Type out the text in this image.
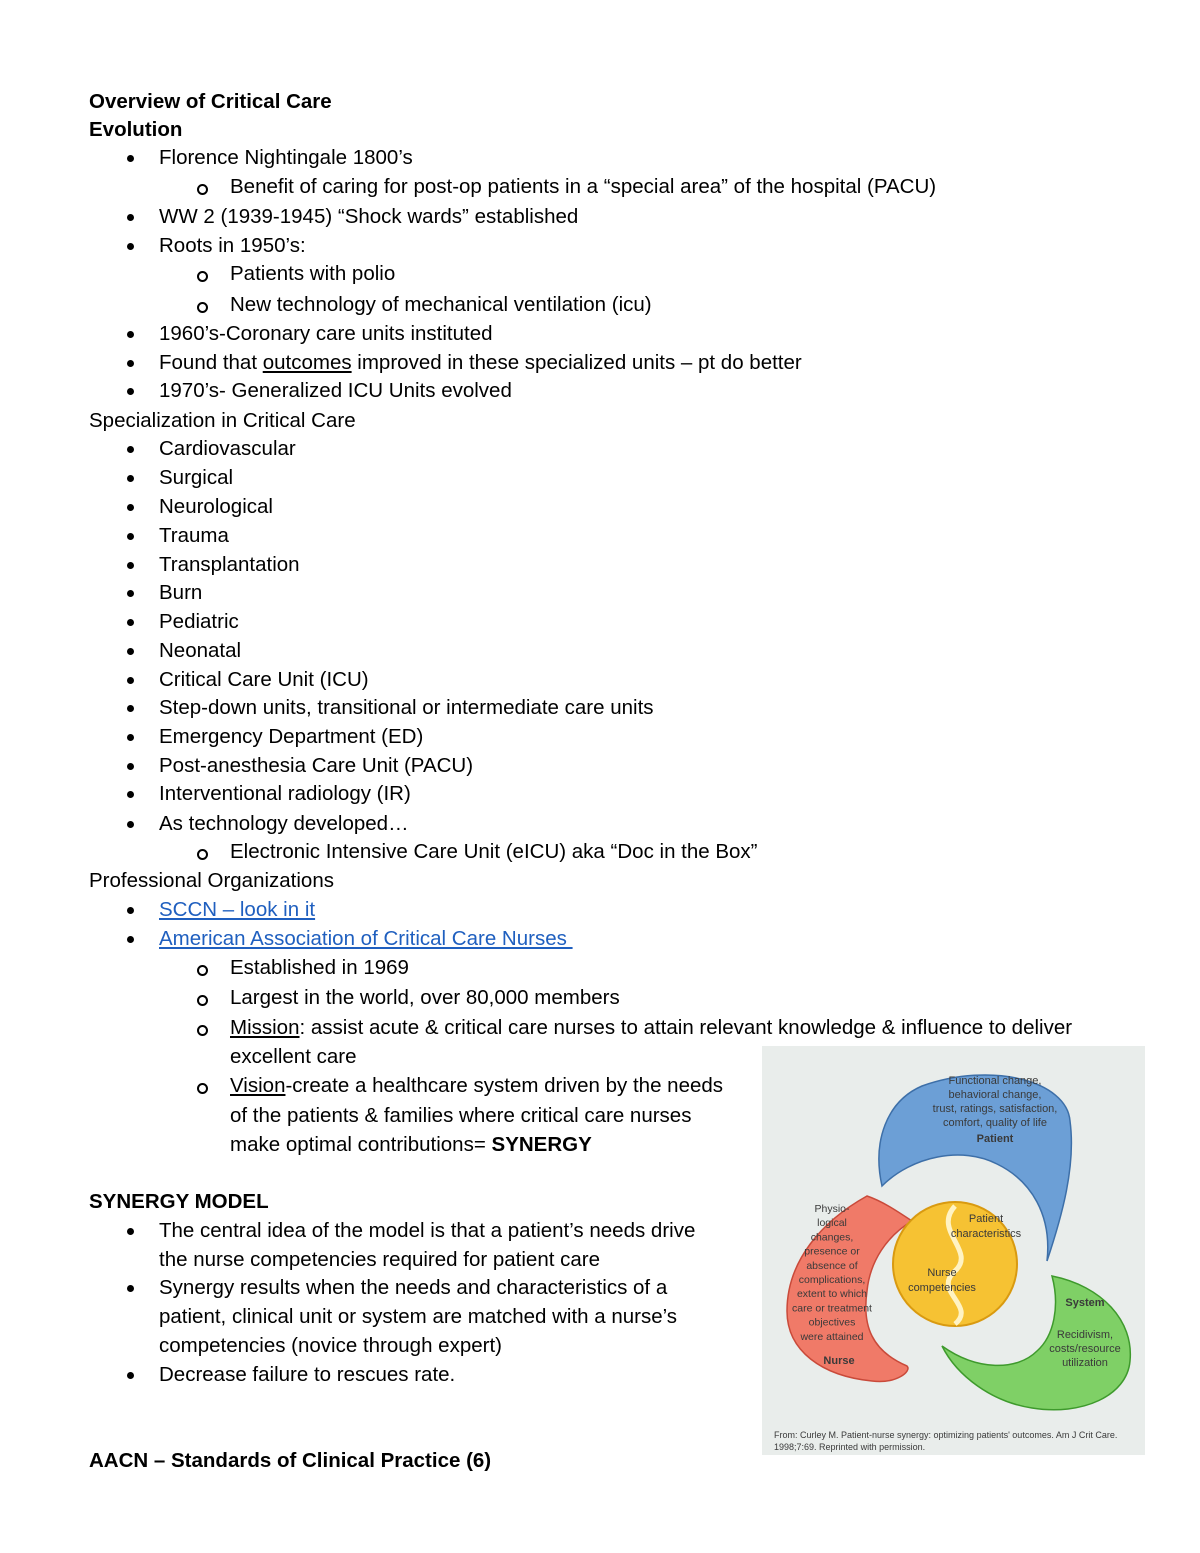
Overview of Critical Care
Evolution
Florence Nightingale 1800’s
Benefit of caring for post-op patients in a “special area” of the hospital (PACU)
WW 2 (1939-1945) “Shock wards” established
Roots in 1950’s:
Patients with polio
New technology of mechanical ventilation (icu)
1960’s-Coronary care units instituted
Found that outcomes improved in these specialized units – pt do better
1970’s- Generalized ICU Units evolved
Specialization in Critical Care
Cardiovascular
Surgical
Neurological
Trauma
Transplantation
Burn
Pediatric
Neonatal
Critical Care Unit (ICU)
Step-down units, transitional or intermediate care units
Emergency Department (ED)
Post-anesthesia Care Unit (PACU)
Interventional radiology (IR)
As technology developed…
Electronic Intensive Care Unit (eICU) aka “Doc in the Box”
Professional Organizations
SCCN – look in it
American Association of Critical Care Nurses
Established in 1969
Largest in the world, over 80,000 members
Mission: assist acute & critical care nurses to attain relevant knowledge & influence to deliver
excellent care
Vision-create a healthcare system driven by the needs
of the patients & families where critical care nurses
make optimal contributions= SYNERGY
SYNERGY MODEL
The central idea of the model is that a patient’s needs drive
the nurse competencies required for patient care
Synergy results when the needs and characteristics of a
patient, clinical unit or system are matched with a nurse’s
competencies (novice through expert)
Decrease failure to rescues rate.
AACN – Standards of Clinical Practice (6)
Functional change,
behavioral change,
trust, ratings, satisfaction,
comfort, quality of life
Patient
Physio-
logical
changes,
presence or
absence of
complications,
extent to which
care or treatment
objectives
were attained
Nurse
System
Recidivism,
costs/resource
utilization
Patient
characteristics
Nurse
competencies
From: Curley M. Patient-nurse synergy: optimizing patients' outcomes. Am J Crit Care.
1998;7:69. Reprinted with permission.
